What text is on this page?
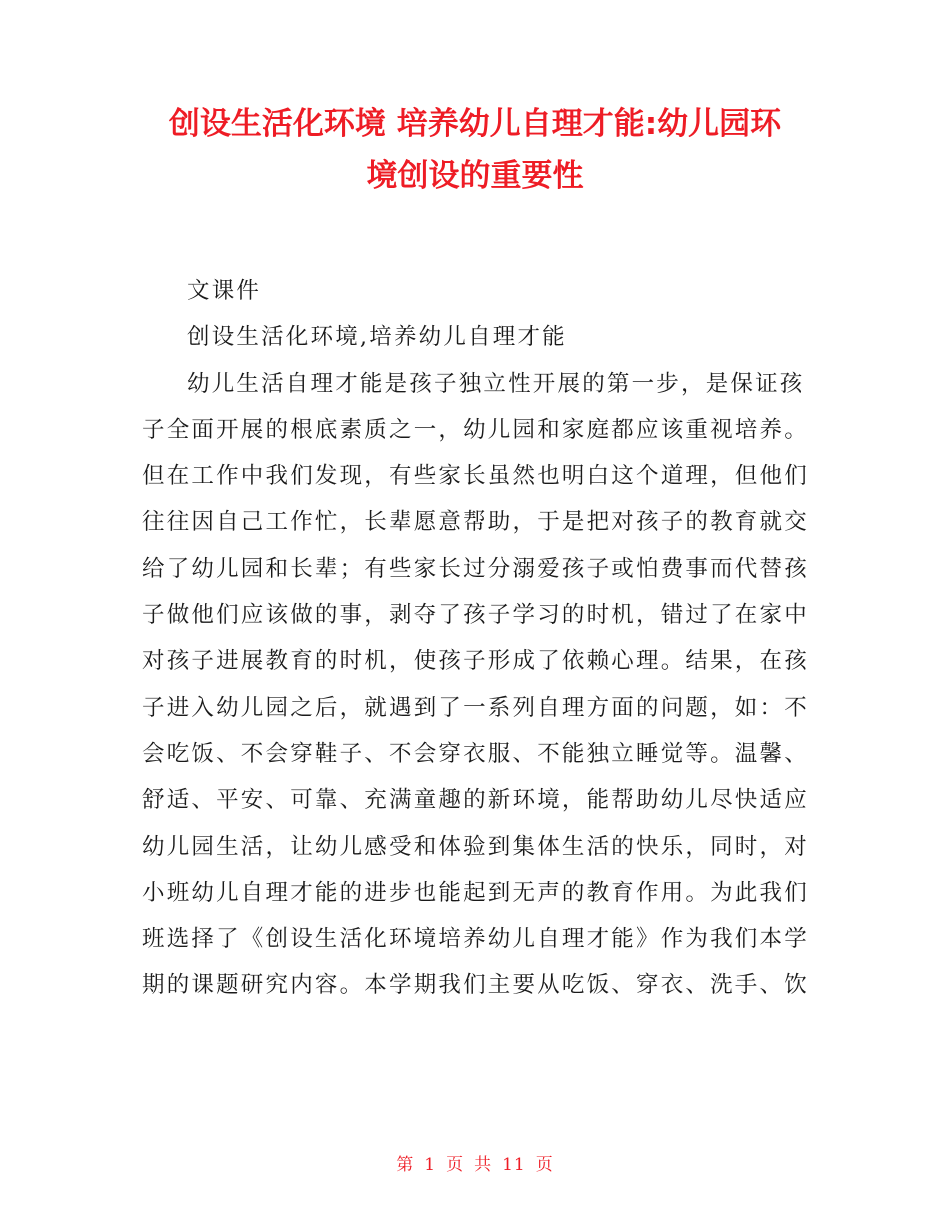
创设生活化环境 培养幼儿自理才能:幼儿园环
境创设的重要性

文课件

创设生活化环境,培养幼儿自理才能

幼儿生活自理才能是孩子独立性开展的第一步，是保证孩
子全面开展的根底素质之一，幼儿园和家庭都应该重视培养。
但在工作中我们发现，有些家长虽然也明白这个道理，但他们
往往因自己工作忙，长辈愿意帮助，于是把对孩子的教育就交
给了幼儿园和长辈；有些家长过分溺爱孩子或怕费事而代替孩
子做他们应该做的事，剥夺了孩子学习的时机，错过了在家中
对孩子进展教育的时机，使孩子形成了依赖心理。结果，在孩
子进入幼儿园之后，就遇到了一系列自理方面的问题，如：不
会吃饭、不会穿鞋子、不会穿衣服、不能独立睡觉等。温馨、
舒适、平安、可靠、充满童趣的新环境，能帮助幼儿尽快适应
幼儿园生活，让幼儿感受和体验到集体生活的快乐，同时，对
小班幼儿自理才能的进步也能起到无声的教育作用。为此我们
班选择了《创设生活化环境培养幼儿自理才能》作为我们本学
期的课题研究内容。本学期我们主要从吃饭、穿衣、洗手、饮

第 1 页 共 11 页
